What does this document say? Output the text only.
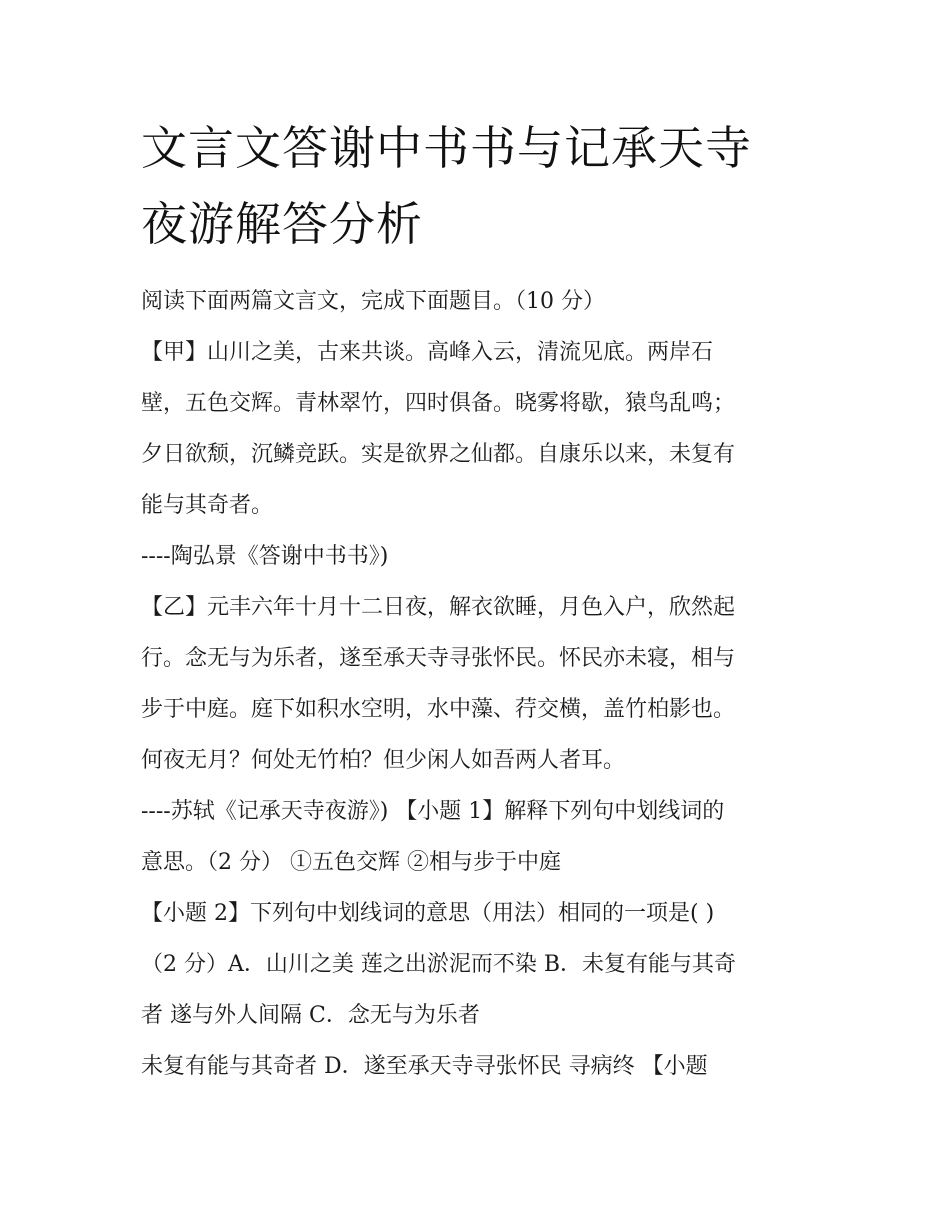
文言文答谢中书书与记承天寺
夜游解答分析
阅读下面两篇文言文，完成下面题目。（10 分）
【甲】山川之美，古来共谈。高峰入云，清流见底。两岸石
壁，五色交辉。青林翠竹，四时俱备。晓雾将歇，猿鸟乱鸣；
夕日欲颓，沉鳞竞跃。实是欲界之仙都。自康乐以来，未复有
能与其奇者。
----陶弘景《答谢中书书》)
【乙】元丰六年十月十二日夜，解衣欲睡，月色入户，欣然起
行。念无与为乐者，遂至承天寺寻张怀民。怀民亦未寝，相与
步于中庭。庭下如积水空明，水中藻、荇交横，盖竹柏影也。
何夜无月？何处无竹柏？但少闲人如吾两人者耳。
----苏轼《记承天寺夜游》) 【小题 1】解释下列句中划线词的
意思。（2 分） ①五色交辉 ②相与步于中庭
【小题 2】下列句中划线词的意思（用法）相同的一项是( )
（2 分）A．山川之美 莲之出淤泥而不染 B．未复有能与其奇
者 遂与外人间隔 C．念无与为乐者
未复有能与其奇者 D．遂至承天寺寻张怀民 寻病终 【小题
